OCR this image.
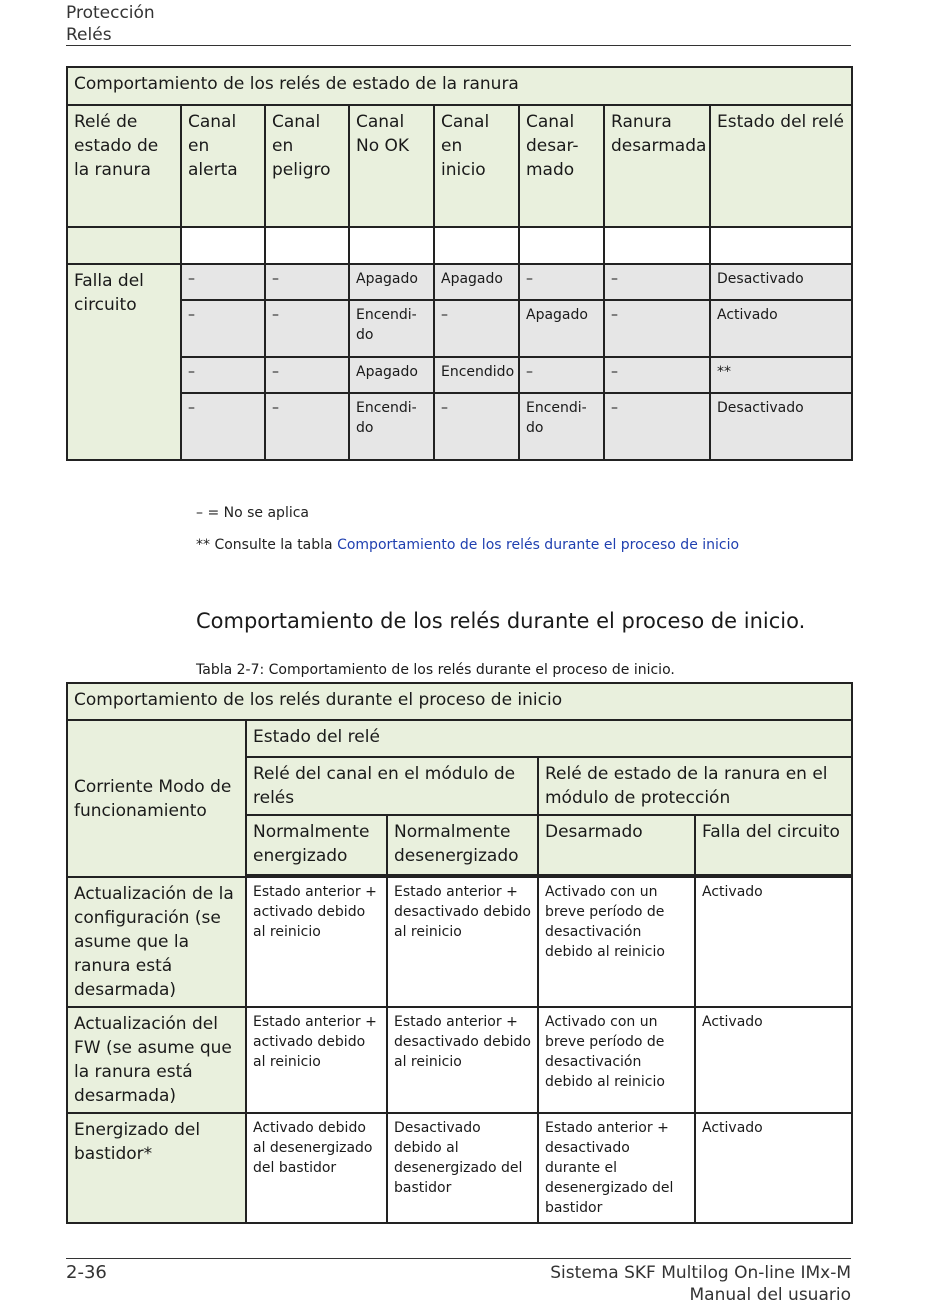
Protección
Relés
Comportamiento de los relés de estado de la ranura							
Relé de estado de la ranura	Canal en alerta	Canal en peligro	Canal No OK	Canal en inicio	Canal desar-mado	Ranura desarmada	Estado del relé

Falla del circuito	–	–	Apagado	Apagado	–	–	Desactivado
	–	–	Encendi-do	–	Apagado	–	Activado
	–	–	Apagado	Encendido	–	–	**
	–	–	Encendi-do	–	Encendi-do	–	Desactivado
– = No se aplica
** Consulte la tabla Comportamiento de los relés durante el proceso de inicio
Comportamiento de los relés durante el proceso de inicio.
Tabla 2-7: Comportamiento de los relés durante el proceso de inicio.
Comportamiento de los relés durante el proceso de inicio				
Corriente Modo de funcionamiento	Estado del relé			
	Relé del canal en el módulo de relés		Relé de estado de la ranura en el módulo de protección	
	Normalmente energizado	Normalmente desenergizado	Desarmado	Falla del circuito

Actualización de la configuración (se asume que la ranura está desarmada)	Estado anterior + activado debido al reinicio	Estado anterior + desactivado debido al reinicio	Activado con un breve período de desactivación debido al reinicio	Activado
Actualización del FW (se asume que la ranura está desarmada)	Estado anterior + activado debido al reinicio	Estado anterior + desactivado debido al reinicio	Activado con un breve período de desactivación debido al reinicio	Activado
Energizado del bastidor*	Activado debido al desenergizado del bastidor	Desactivado debido al desenergizado del bastidor	Estado anterior + desactivado durante el desenergizado del bastidor	Activado
2-36	Sistema SKF Multilog On-line IMx-M
Manual del usuario
